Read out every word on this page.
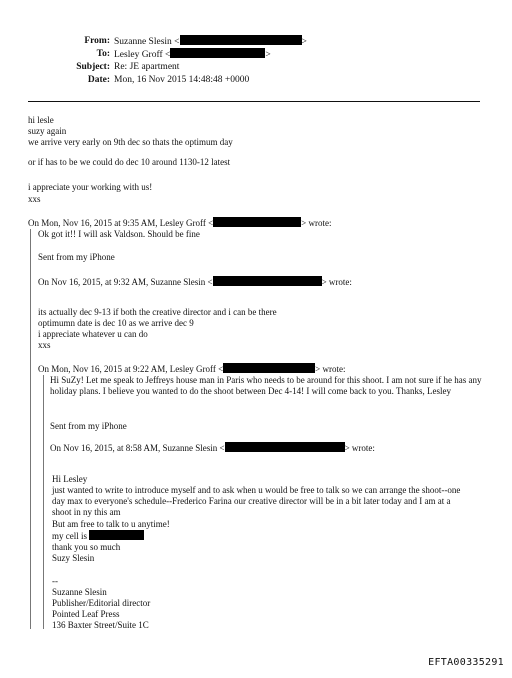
From: Suzanne Slesin <	>
To: Lesley Groff <	>
Subject: Re: JE apartment
Date: Mon, 16 Nov 2015 14:48:48 +0000
hi lesle
suzy again
we arrive very early on 9th dec so thats the optimum day
or if has to be we could do dec 10 around 1130-12 latest
i appreciate your working with us!
xxs
On Mon, Nov 16, 2015 at 9:35 AM, Lesley Groff <	> wrote:
Ok got it!! I will ask Valdson. Should be fine
Sent from my iPhone
On Nov 16, 2015, at 9:32 AM, Suzanne Slesin <	> wrote:
its actually dec 9-13 if both the creative director and i can be there
optimumn date is dec 10 as we arrive dec 9
i appreciate whatever u can do
xxs
On Mon, Nov 16, 2015 at 9:22 AM, Lesley Groff <	> wrote:
Hi SuZy! Let me speak to Jeffreys house man in Paris who needs to be around for this shoot. I am not sure if he has any holiday plans. I believe you wanted to do the shoot between Dec 4-14! I will come back to you. Thanks, Lesley
Sent from my iPhone
On Nov 16, 2015, at 8:58 AM, Suzanne Slesin <	> wrote:
Hi Lesley
just wanted to write to introduce myself and to ask when u would be free to talk so we can arrange the shoot--one day max to everyone's schedule--Frederico Farina our creative director will be in a bit later today and I am at a shoot in ny this am
But am free to talk to u anytime!
my cell is
thank you so much
Suzy Slesin
--
Suzanne Slesin
Publisher/Editorial director
Pointed Leaf Press
136 Baxter Street/Suite 1C
EFTA00335291
